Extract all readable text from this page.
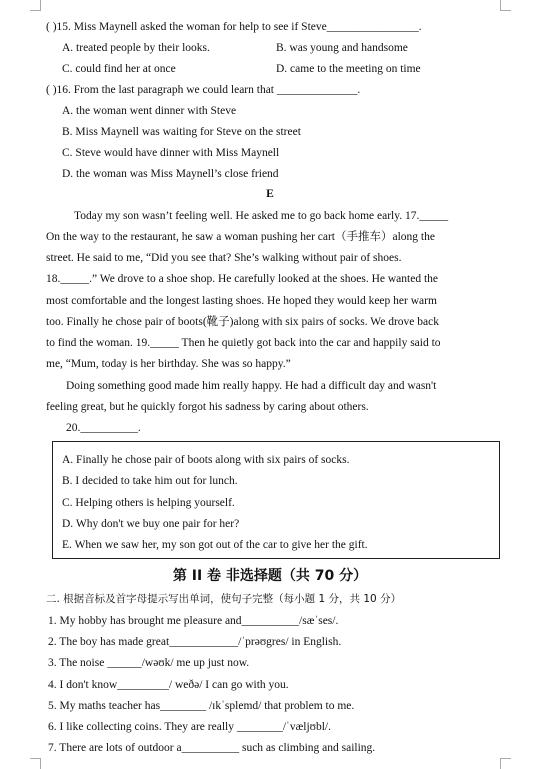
( )15. Miss Maynell asked the woman for help to see if Steve________________.
A. treated people by their looks.	B. was young and handsome
C. could find her at once	D. came to the meeting on time
( )16. From the last paragraph we could learn that ______________.
A. the woman went dinner with Steve
B. Miss Maynell was waiting for Steve on the street
C. Steve would have dinner with Miss Maynell
D. the woman was Miss Maynell’s close friend
E
Today my son wasn’t feeling well. He asked me to go back home early. 17._____
On the way to the restaurant, he saw a woman pushing her cart（手推车）along the
street. He said to me, “Did you see that? She’s walking without pair of shoes.
18._____.” We drove to a shoe shop. He carefully looked at the shoes. He wanted the
most comfortable and the longest lasting shoes. He hoped they would keep her warm
too. Finally he chose pair of boots(靴子)along with six pairs of socks. We drove back
to find the woman. 19._____ Then he quietly got back into the car and happily said to
me, “Mum, today is her birthday. She was so happy.”
Doing something good made him really happy. He had a difficult day and wasn't
feeling great, but he quickly forgot his sadness by caring about others.
20.__________.
A. Finally he chose pair of boots along with six pairs of socks.
B. I decided to take him out for lunch.
C. Helping others is helping yourself.
D. Why don't we buy one pair for her?
E. When we saw her, my son got out of the car to give her the gift.
第 II 卷 非选择题（共 70 分）
二. 根据音标及首字母提示写出单词，使句子完整（每小题 1 分，共 10 分）
1. My hobby has brought me pleasure and__________/sæˈses/.
2. The boy has made great____________/ˈprəʊgres/ in English.
3. The noise ______/wəʊk/ me up just now.
4. I don't know_________/ weðə/ I can go with you.
5. My maths teacher has________ /ɪkˈsplemd/ that problem to me.
6. I like collecting coins. They are really ________/ˈvæljʊbl/.
7. There are lots of outdoor a__________ such as climbing and sailing.
